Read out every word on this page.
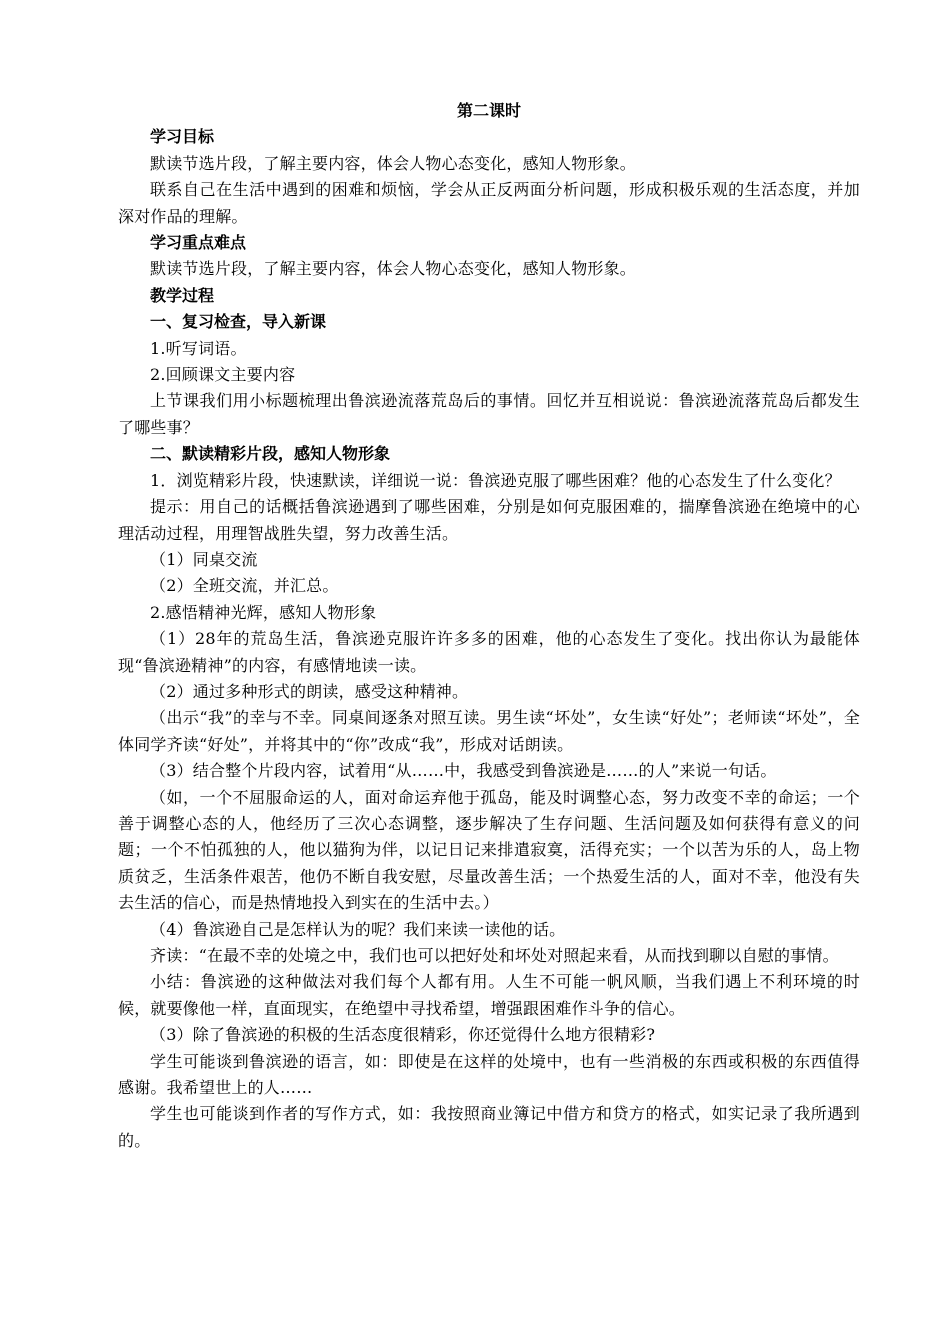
第二课时
学习目标

默读节选片段，了解主要内容，体会人物心态变化，感知人物形象。

联系自己在生活中遇到的困难和烦恼，学会从正反两面分析问题，形成积极乐观的生活态度，并加深对作品的理解。

学习重点难点

默读节选片段，了解主要内容，体会人物心态变化，感知人物形象。

教学过程
一、复习检查，导入新课

1.听写词语。

2.回顾课文主要内容

上节课我们用小标题梳理出鲁滨逊流落荒岛后的事情。回忆并互相说说：鲁滨逊流落荒岛后都发生了哪些事？

二、默读精彩片段，感知人物形象

1．浏览精彩片段，快速默读，详细说一说：鲁滨逊克服了哪些困难？他的心态发生了什么变化？

提示：用自己的话概括鲁滨逊遇到了哪些困难，分别是如何克服困难的，揣摩鲁滨逊在绝境中的心理活动过程，用理智战胜失望，努力改善生活。

（1）同桌交流

（2）全班交流，并汇总。

2.感悟精神光辉，感知人物形象

（1）28年的荒岛生活，鲁滨逊克服许许多多的困难，他的心态发生了变化。找出你认为最能体现“鲁滨逊精神”的内容，有感情地读一读。

（2）通过多种形式的朗读，感受这种精神。

（出示“我”的幸与不幸。同桌间逐条对照互读。男生读“坏处”，女生读“好处”；老师读“坏处”，全体同学齐读“好处”，并将其中的“你”改成“我”，形成对话朗读。

（3）结合整个片段内容，试着用“从……中，我感受到鲁滨逊是……的人”来说一句话。

（如，一个不屈服命运的人，面对命运弃他于孤岛，能及时调整心态，努力改变不幸的命运；一个善于调整心态的人，他经历了三次心态调整，逐步解决了生存问题、生活问题及如何获得有意义的问题；一个不怕孤独的人，他以猫狗为伴，以记日记来排遣寂寞，活得充实；一个以苦为乐的人，岛上物质贫乏，生活条件艰苦，他仍不断自我安慰，尽量改善生活；一个热爱生活的人，面对不幸，他没有失去生活的信心，而是热情地投入到实在的生活中去。）

（4）鲁滨逊自己是怎样认为的呢？我们来读一读他的话。

齐读：“在最不幸的处境之中，我们也可以把好处和坏处对照起来看，从而找到聊以自慰的事情。

小结：鲁滨逊的这种做法对我们每个人都有用。人生不可能一帆风顺，当我们遇上不利环境的时候，就要像他一样，直面现实，在绝望中寻找希望，增强跟困难作斗争的信心。

（3）除了鲁滨逊的积极的生活态度很精彩，你还觉得什么地方很精彩?

学生可能谈到鲁滨逊的语言，如：即使是在这样的处境中，也有一些消极的东西或积极的东西值得感谢。我希望世上的人……

学生也可能谈到作者的写作方式，如：我按照商业簿记中借方和贷方的格式，如实记录了我所遇到的。
